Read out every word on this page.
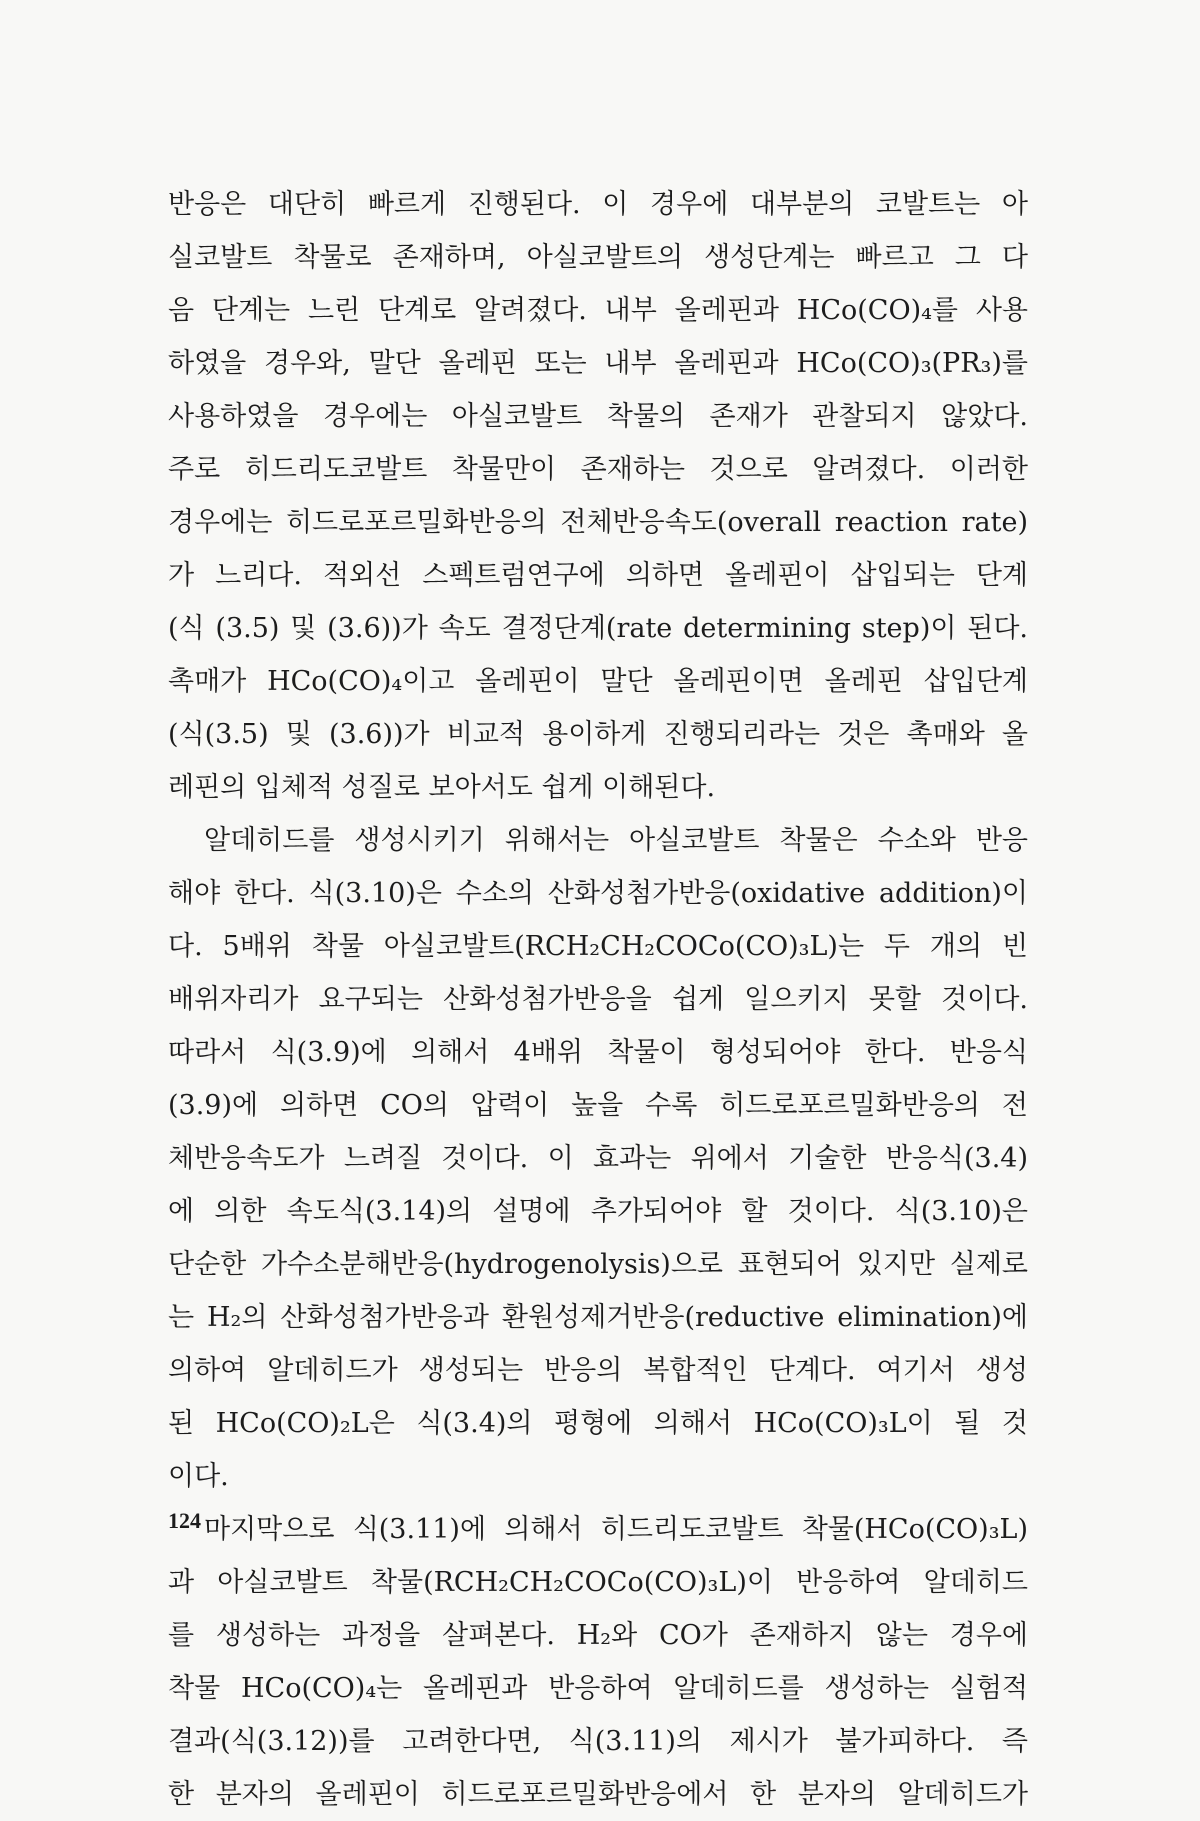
반응은 대단히 빠르게 진행된다. 이 경우에 대부분의 코발트는 아
실코발트 착물로 존재하며, 아실코발트의 생성단계는 빠르고 그 다
음 단계는 느린 단계로 알려졌다. 내부 올레핀과 HCo(CO)₄를 사용
하였을 경우와, 말단 올레핀 또는 내부 올레핀과 HCo(CO)₃(PR₃)를
사용하였을 경우에는 아실코발트 착물의 존재가 관찰되지 않았다.
주로 히드리도코발트 착물만이 존재하는 것으로 알려졌다. 이러한
경우에는 히드로포르밀화반응의 전체반응속도(overall reaction rate)
가 느리다. 적외선 스펙트럼연구에 의하면 올레핀이 삽입되는 단계
(식 (3.5) 및 (3.6))가 속도 결정단계(rate determining step)이 된다.
촉매가 HCo(CO)₄이고 올레핀이 말단 올레핀이면 올레핀 삽입단계
(식(3.5) 및 (3.6))가 비교적 용이하게 진행되리라는 것은 촉매와 올
레핀의 입체적 성질로 보아서도 쉽게 이해된다.
알데히드를 생성시키기 위해서는 아실코발트 착물은 수소와 반응
해야 한다. 식(3.10)은 수소의 산화성첨가반응(oxidative addition)이
다. 5배위 착물 아실코발트(RCH₂CH₂COCo(CO)₃L)는 두 개의 빈
배위자리가 요구되는 산화성첨가반응을 쉽게 일으키지 못할 것이다.
따라서 식(3.9)에 의해서 4배위 착물이 형성되어야 한다. 반응식
(3.9)에 의하면 CO의 압력이 높을 수록 히드로포르밀화반응의 전
체반응속도가 느려질 것이다. 이 효과는 위에서 기술한 반응식(3.4)
에 의한 속도식(3.14)의 설명에 추가되어야 할 것이다. 식(3.10)은
단순한 가수소분해반응(hydrogenolysis)으로 표현되어 있지만 실제로
는 H₂의 산화성첨가반응과 환원성제거반응(reductive elimination)에
의하여 알데히드가 생성되는 반응의 복합적인 단계다. 여기서 생성
된 HCo(CO)₂L은 식(3.4)의 평형에 의해서 HCo(CO)₃L이 될 것
이다.
마지막으로 식(3.11)에 의해서 히드리도코발트 착물(HCo(CO)₃L)
과 아실코발트 착물(RCH₂CH₂COCo(CO)₃L)이 반응하여 알데히드
를 생성하는 과정을 살펴본다. H₂와 CO가 존재하지 않는 경우에
착물 HCo(CO)₄는 올레핀과 반응하여 알데히드를 생성하는 실험적
결과(식(3.12))를 고려한다면, 식(3.11)의 제시가 불가피하다. 즉
한 분자의 올레핀이 히드로포르밀화반응에서 한 분자의 알데히드가
124
